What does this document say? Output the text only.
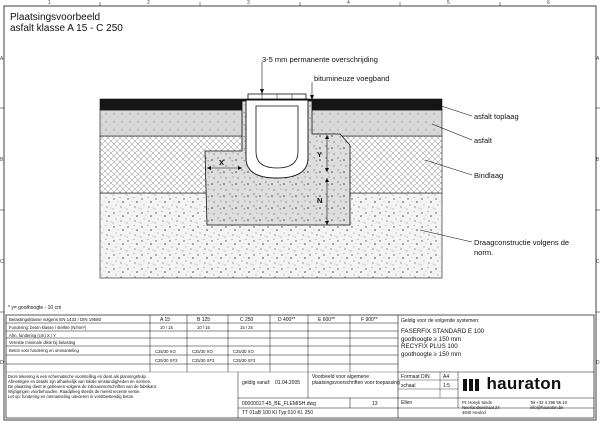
1	2	3	4	5	6
A
B
C
D
A
B
C
D
Plaatsingsvoorbeeld
asfalt klasse A 15 - C 250
3-5 mm permanente overschrijding
bitumineuze voegband
asfalt toplaag
asfalt
Bindlaag
Draagconstructie volgens de
norm.
X
Y
N
* y= goothoogte - 10 cm
Belastingsklasse volgens EN 1433 / DIN 19580	A 15	B 125	C 250	D 400**	E 600**	F 900**
Fundering: beton klasse / sterkte (N/mm²)	10 / 15	10 / 15	15 / 25
Afm. fundering (cm) X / Y
Vereiste minimale dikte bij belasting
Beton voor fundering en ommanteling	C25/30 XO	C25/30 XO	C25/30 XO
C25/30 XF3	C25/30 XF3	C25/30 XF3
Geldig voor de volgende systemen:
FASERFIX STANDARD E 100
goothoogte ≥ 150 mm
RECYFIX PLUS 100
goothoogte ≥ 150 mm
Deze tekening is een schematische voorstelling en dient als planningshulp.
Afmetingen en details zijn afhankelijk van lokale omstandigheden en normen.
De plaatsing dient te gebeuren volgens de inbouwvoorschriften van de fabrikant.
Wijzigingen voorbehouden. Raadpleeg steeds de meest recente versie.
Let op: fundering en ommanteling uitvoeren in vorstbestendig beton.
geldig vanaf: 01.04.2005
Voorbeeld voor algemene
plaatsingsvoorschriften voor toepassing
0000001T-45_BE_FLEMISH.dwg	13
TT 01aB 100 KI Typ 010 Kl. 250
Formaat DIN	A4
schaal	1:5
Ellen
hauraton
Pt. Hoeyk Sinds
Neerlandsestraat 24
4840 Heulnd
Tel +32 4 296 95 10
info@hauraton.be
